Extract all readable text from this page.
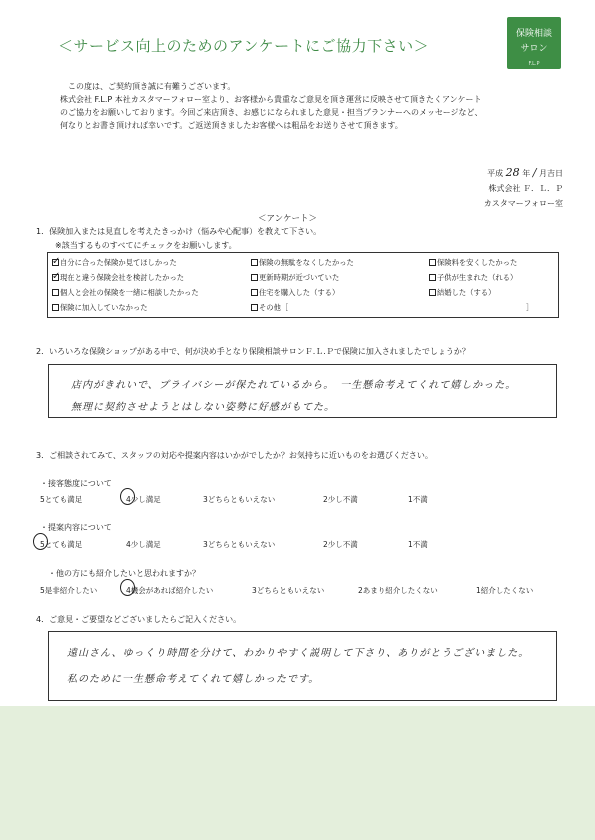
＜サービス向上のためのアンケートにご協力下さい＞
保険相談
サロン
F.L.P

この度は、ご契約頂き誠に有難うございます。

株式会社 F.L.P 本社カスタマーフォロー室より、お客様から貴重なご意見を頂き運営に反映させて頂きたくアンケート

のご協力をお願いしております。今回ご来店頂き、お感じになられました意見・担当プランナーへのメッセージなど、

何なりとお書き頂ければ幸いです。ご返送頂きましたお客様へは粗品をお送りさせて頂きます。

平成 28 年 / 月吉日
株式会社 Ｆ．Ｌ．Ｐ
カスタマーフォロー室
＜アンケート＞
1．保険加入または見直しを考えたきっかけ（悩みや心配事）を教えて下さい。
※該当するものすべてにチェックをお願いします。
✓自分に合った保険か見てほしかった	保険の無駄をなくしたかった	保険料を安くしたかった
✓現在と違う保険会社を検討したかった	更新時期が近づいていた	子供が生まれた（れる）
個人と会社の保険を一緒に相談したかった	住宅を購入した（する）	結婚した（する）
保険に加入していなかった	その他［	］
2．いろいろな保険ショップがある中で、何が決め手となり保険相談サロンＦ.Ｌ.Ｐで保険に加入されましたでしょうか？
店内がきれいで、プライバシーが保たれているから。　一生懸命考えてくれて嬉しかった。
無理に契約させようとはしない姿勢に好感がもてた。
3．ご相談されてみて、スタッフの対応や提案内容はいかがでしたか？お気持ちに近いものをお選びください。
・接客態度について
5とても満足	4少し満足	3どちらともいえない	2少し不満	1不満
・提案内容について
5とても満足	4少し満足	3どちらともいえない	2少し不満	1不満
・他の方にも紹介したいと思われますか？
5是非紹介したい	4機会があれば紹介したい	3どちらともいえない	2あまり紹介したくない	1紹介したくない
4．ご意見・ご要望などございましたらご記入ください。
遠山さん、ゆっくり時間を分けて、わかりやすく説明して下さり、ありがとうございました。
私のために一生懸命考えてくれて嬉しかったです。
